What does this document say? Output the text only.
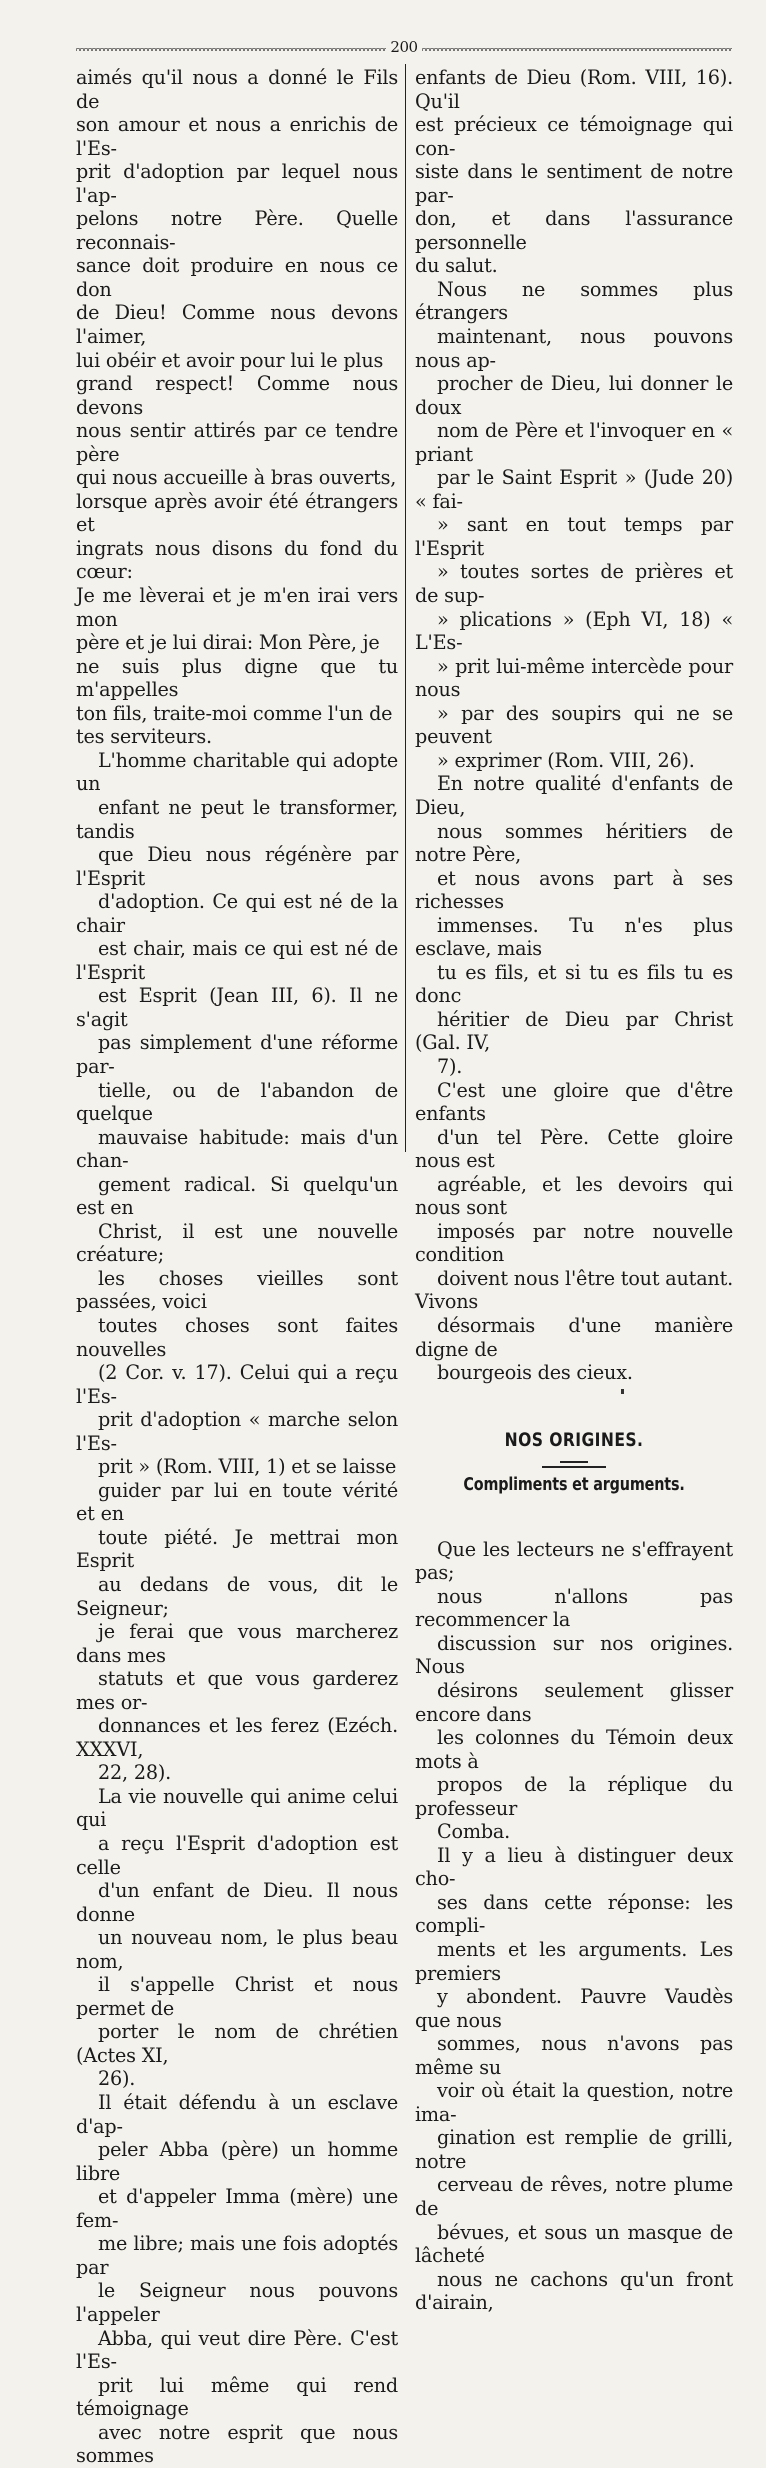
200

aimés qu'il nous a donné le Fils de
son amour et nous a enrichis de l'Es-
prit d'adoption par lequel nous l'ap-
pelons notre Père. Quelle reconnais-
sance doit produire en nous ce don
de Dieu! Comme nous devons l'aimer,
lui obéir et avoir pour lui le plus
grand respect! Comme nous devons
nous sentir attirés par ce tendre père
qui nous accueille à bras ouverts,
lorsque après avoir été étrangers et
ingrats nous disons du fond du cœur:
Je me lèverai et je m'en irai vers mon
père et je lui dirai: Mon Père, je
ne suis plus digne que tu m'appelles
ton fils, traite-moi comme l'un de
tes serviteurs.

L'homme charitable qui adopte un
enfant ne peut le transformer, tandis
que Dieu nous régénère par l'Esprit
d'adoption. Ce qui est né de la chair
est chair, mais ce qui est né de l'Esprit
est Esprit (Jean III, 6). Il ne s'agit
pas simplement d'une réforme par-
tielle, ou de l'abandon de quelque
mauvaise habitude: mais d'un chan-
gement radical. Si quelqu'un est en
Christ, il est une nouvelle créature;
les choses vieilles sont passées, voici
toutes choses sont faites nouvelles
(2 Cor. v. 17). Celui qui a reçu l'Es-
prit d'adoption « marche selon l'Es-
prit » (Rom. VIII, 1) et se laisse
guider par lui en toute vérité et en
toute piété. Je mettrai mon Esprit
au dedans de vous, dit le Seigneur;
je ferai que vous marcherez dans mes
statuts et que vous garderez mes or-
donnances et les ferez (Ezéch. XXXVI,
22, 28).

La vie nouvelle qui anime celui qui
a reçu l'Esprit d'adoption est celle
d'un enfant de Dieu. Il nous donne
un nouveau nom, le plus beau nom,
il s'appelle Christ et nous permet de
porter le nom de chrétien (Actes XI,
26).

Il était défendu à un esclave d'ap-
peler Abba (père) un homme libre
et d'appeler Imma (mère) une fem-
me libre; mais une fois adoptés par
le Seigneur nous pouvons l'appeler
Abba, qui veut dire Père. C'est l'Es-
prit lui même qui rend témoignage
avec notre esprit que nous sommes

enfants de Dieu (Rom. VIII, 16). Qu'il
est précieux ce témoignage qui con-
siste dans le sentiment de notre par-
don, et dans l'assurance personnelle
du salut.

Nous ne sommes plus étrangers
maintenant, nous pouvons nous ap-
procher de Dieu, lui donner le doux
nom de Père et l'invoquer en « priant
par le Saint Esprit » (Jude 20) « fai-
» sant en tout temps par l'Esprit
» toutes sortes de prières et de sup-
» plications » (Eph VI, 18) « L'Es-
» prit lui-même intercède pour nous
» par des soupirs qui ne se peuvent
» exprimer (Rom. VIII, 26).

En notre qualité d'enfants de Dieu,
nous sommes héritiers de notre Père,
et nous avons part à ses richesses
immenses. Tu n'es plus esclave, mais
tu es fils, et si tu es fils tu es donc
héritier de Dieu par Christ (Gal. IV,
7).

C'est une gloire que d'être enfants
d'un tel Père. Cette gloire nous est
agréable, et les devoirs qui nous sont
imposés par notre nouvelle condition
doivent nous l'être tout autant. Vivons
désormais d'une manière digne de
bourgeois des cieux.

NOS ORIGINES.

Compliments et arguments.

Que les lecteurs ne s'effrayent pas;
nous n'allons pas recommencer la
discussion sur nos origines. Nous
désirons seulement glisser encore dans
les colonnes du Témoin deux mots à
propos de la réplique du professeur
Comba.

Il y a lieu à distinguer deux cho-
ses dans cette réponse: les compli-
ments et les arguments. Les premiers
y abondent. Pauvre Vaudès que nous
sommes, nous n'avons pas même su
voir où était la question, notre ima-
gination est remplie de grilli, notre
cerveau de rêves, notre plume de
bévues, et sous un masque de lâcheté
nous ne cachons qu'un front d'airain,
